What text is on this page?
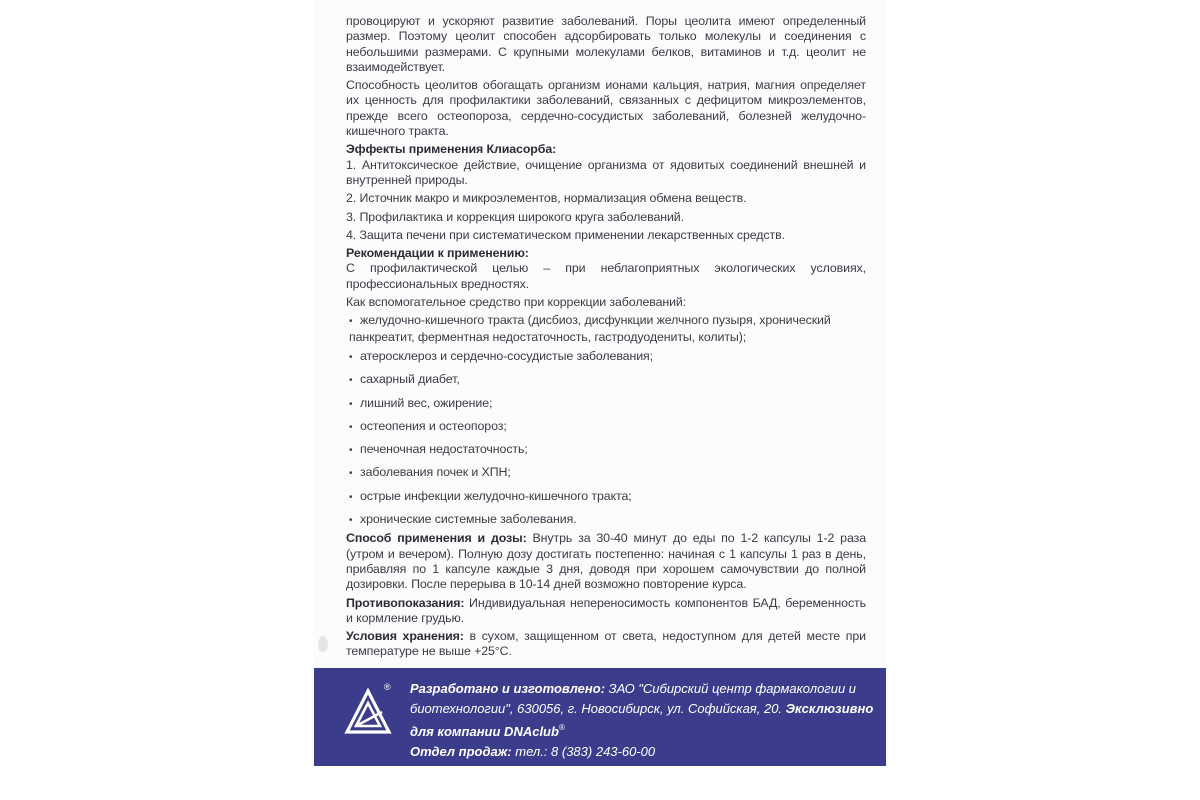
провоцируют и ускоряют развитие заболеваний. Поры цеолита имеют определенный размер. Поэтому цеолит способен адсорбировать только молекулы и соединения с небольшими размерами. С крупными молекулами белков, витаминов и т.д. цеолит не взаимодействует.

Способность цеолитов обогащать организм ионами кальция, натрия, магния определяет их ценность для профилактики заболеваний, связанных с дефицитом микроэлементов, прежде всего остеопороза, сердечно-сосудистых заболеваний, болезней желудочно-кишечного тракта.

Эффекты применения Клиасорба:

1. Антитоксическое действие, очищение организма от ядовитых соединений внешней и внутренней природы.

2. Источник макро и микроэлементов, нормализация обмена веществ.

3. Профилактика и коррекция широкого круга заболеваний.

4. Защита печени при систематическом применении лекарственных средств.

Рекомендации к применению:

С профилактической целью – при неблагоприятных экологических условиях, профессиональных вредностях.

Как вспомогательное средство при коррекции заболеваний:

• желудочно-кишечного тракта (дисбиоз, дисфункции желчного пузыря, хронический панкреатит, ферментная недостаточность, гастродуодениты, колиты);
• атеросклероз и сердечно-сосудистые заболевания;
• сахарный диабет,
• лишний вес, ожирение;
• остеопения и остеопороз;
• печеночная недостаточность;
• заболевания почек и ХПН;
• острые инфекции желудочно-кишечного тракта;
• хронические системные заболевания.

Способ применения и дозы: Внутрь за 30-40 минут до еды по 1-2 капсулы 1-2 раза (утром и вечером). Полную дозу достигать постепенно: начиная с 1 капсулы 1 раз в день, прибавляя по 1 капсуле каждые 3 дня, доводя при хорошем самочувствии до полной дозировки. После перерыва в 10-14 дней возможно повторение курса.

Противопоказания: Индивидуальная непереносимость компонентов БАД, беременность и кормление грудью.

Условия хранения: в сухом, защищенном от света, недоступном для детей месте при температуре не выше +25°С.

® Разработано и изготовлено: ЗАО "Сибирский центр фармакологии и биотехнологии", 630056, г. Новосибирск, ул. Софийская, 20. Эксклюзивно для компании DNAclub®
Отдел продаж: тел.: 8 (383) 243-60-00
